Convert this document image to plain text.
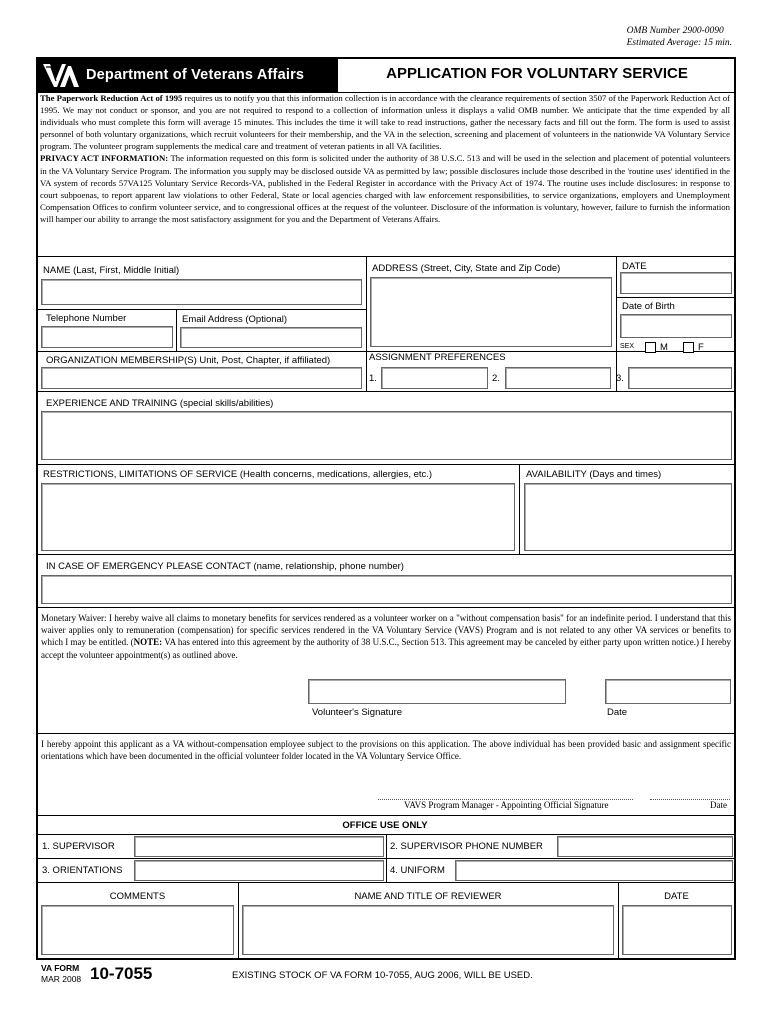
OMB Number 2900-0090
Estimated Average: 15 min.
Department of Veterans Affairs	APPLICATION FOR VOLUNTARY SERVICE
The Paperwork Reduction Act of 1995 requires us to notify you that this information collection is in accordance with the clearance requirements of section 3507 of the Paperwork Reduction Act of 1995. We may not conduct or sponsor, and you are not required to respond to a collection of information unless it displays a valid OMB number. We anticipate that the time expended by all individuals who must complete this form will average 15 minutes. This includes the time it will take to read instructions, gather the necessary facts and fill out the form. The form is used to assist personnel of both voluntary organizations, which recruit volunteers for their membership, and the VA in the selection, screening and placement of volunteers in the nationwide VA Voluntary Service program. The volunteer program supplements the medical care and treatment of veteran patients in all VA facilities.
PRIVACY ACT INFORMATION: The information requested on this form is solicited under the authority of 38 U.S.C. 513 and will be used in the selection and placement of potential volunteers in the VA Voluntary Service Program. The information you supply may be disclosed outside VA as permitted by law; possible disclosures include those described in the 'routine uses' identified in the VA system of records 57VA125 Voluntary Service Records-VA, published in the Federal Register in accordance with the Privacy Act of 1974. The routine uses include disclosures: in response to court subpoenas, to report apparent law violations to other Federal, State or local agencies charged with law enforcement responsibilities, to service organizations, employers and Unemployment Compensation Offices to confirm volunteer service, and to congressional offices at the request of the volunteer. Disclosure of the information is voluntary, however, failure to furnish the information will hamper our ability to arrange the most satisfactory assignment for you and the Department of Veterans Affairs.
NAME (Last, First, Middle Initial)	ADDRESS (Street, City, State and Zip Code)	DATE
Date of Birth
Telephone Number	Email Address (Optional)
SEX	M	F
ORGANIZATION MEMBERSHIP(S) Unit, Post, Chapter, if affiliated)	ASSIGNMENT PREFERENCES
1.	2.	3.
EXPERIENCE AND TRAINING (special skills/abilities)
RESTRICTIONS, LIMITATIONS OF SERVICE (Health concerns, medications, allergies, etc.)	AVAILABILITY (Days and times)
IN CASE OF EMERGENCY PLEASE CONTACT (name, relationship, phone number)
Monetary Waiver: I hereby waive all claims to monetary benefits for services rendered as a volunteer worker on a "without compensation basis" for an indefinite period. I understand that this waiver applies only to remuneration (compensation) for specific services rendered in the VA Voluntary Service (VAVS) Program and is not related to any other VA services or benefits to which I may be entitled. (NOTE: VA has entered into this agreement by the authority of 38 U.S.C., Section 513. This agreement may be canceled by either party upon written notice.) I hereby accept the volunteer appointment(s) as outlined above.
Volunteer's Signature	Date
I hereby appoint this applicant as a VA without-compensation employee subject to the provisions on this application. The above individual has been provided basic and assignment specific orientations which have been documented in the official volunteer folder located in the VA Voluntary Service Office.
VAVS Program Manager - Appointing Official Signature	Date
OFFICE USE ONLY
1. SUPERVISOR	2. SUPERVISOR PHONE NUMBER
3. ORIENTATIONS	4. UNIFORM
COMMENTS	NAME AND TITLE OF REVIEWER	DATE
VA FORM
MAR 2008 10-7055	EXISTING STOCK OF VA FORM 10-7055, AUG 2006, WILL BE USED.
